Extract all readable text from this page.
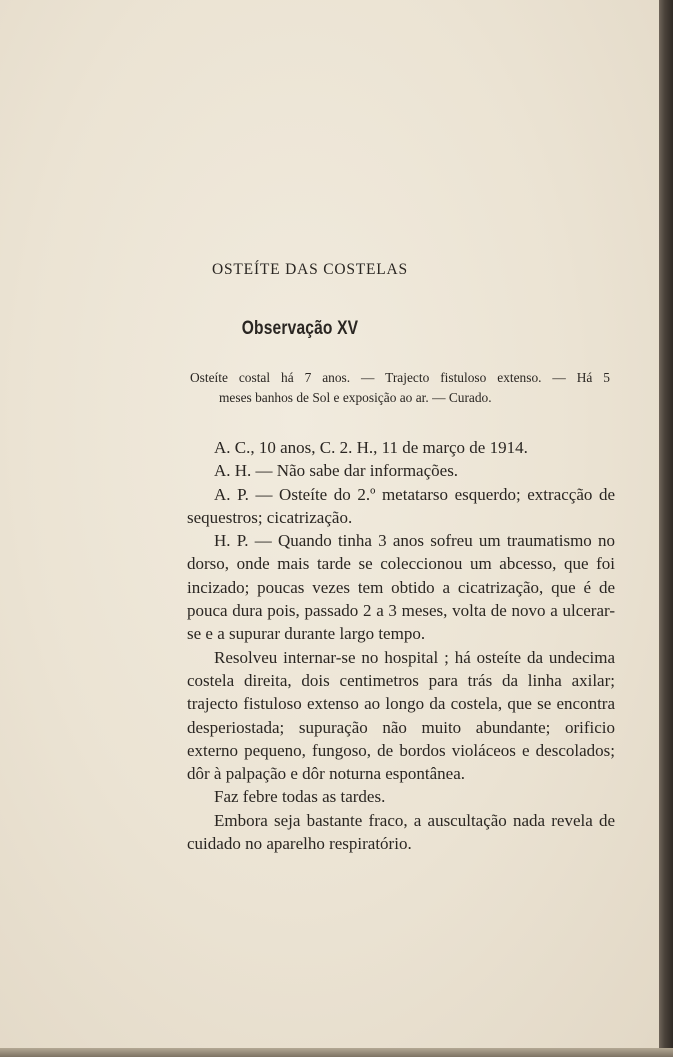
OSTEÍTE DAS COSTELAS
Observação XV
Osteíte costal há 7 anos. — Trajecto fistuloso extenso. — Há 5
meses banhos de Sol e exposição ao ar. — Curado.

A. C., 10 anos, C. 2. H., 11 de março de 1914.

A. H. — Não sabe dar informações.

A. P. — Osteíte do 2.º metatarso esquerdo; extracção de sequestros; cicatrização.

H. P. — Quando tinha 3 anos sofreu um traumatismo no dorso, onde mais tarde se coleccionou um abcesso, que foi incizado; poucas vezes tem obtido a cicatrização, que é de pouca dura pois, passado 2 a 3 meses, volta de novo a ulcerar-se e a supurar durante largo tempo.

Resolveu internar-se no hospital ; há osteíte da undecima costela direita, dois centimetros para trás da linha axilar; trajecto fistuloso extenso ao longo da costela, que se encontra desperiostada; supuração não muito abundante; orificio externo pequeno, fungoso, de bordos violáceos e descolados; dôr à palpação e dôr noturna espontânea.

Faz febre todas as tardes.

Embora seja bastante fraco, a auscultação nada revela de cuidado no aparelho respiratório.
